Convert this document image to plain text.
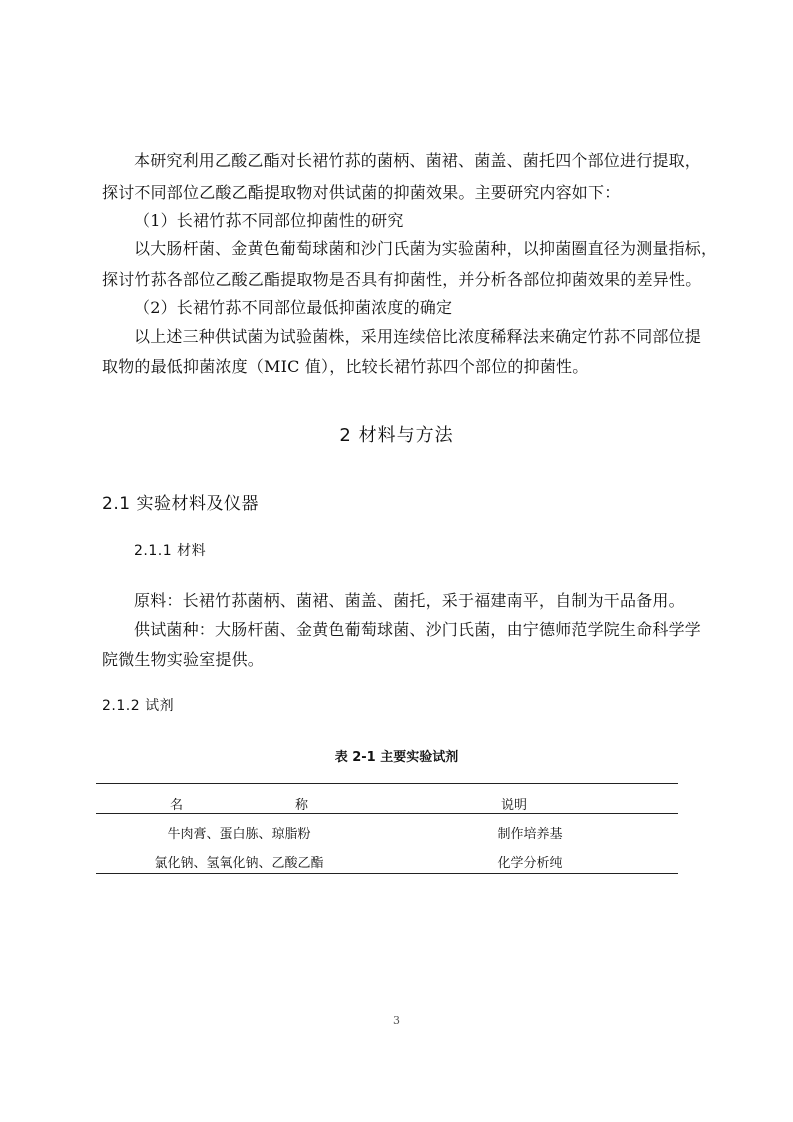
本研究利用乙酸乙酯对长裙竹荪的菌柄、菌裙、菌盖、菌托四个部位进行提取，
探讨不同部位乙酸乙酯提取物对供试菌的抑菌效果。主要研究内容如下：
（1）长裙竹荪不同部位抑菌性的研究
以大肠杆菌、金黄色葡萄球菌和沙门氏菌为实验菌种，以抑菌圈直径为测量指标，
探讨竹荪各部位乙酸乙酯提取物是否具有抑菌性，并分析各部位抑菌效果的差异性。
（2）长裙竹荪不同部位最低抑菌浓度的确定
以上述三种供试菌为试验菌株，采用连续倍比浓度稀释法来确定竹荪不同部位提
取物的最低抑菌浓度（MIC 值），比较长裙竹荪四个部位的抑菌性。
2 材料与方法
2.1 实验材料及仪器
2.1.1 材料
原料：长裙竹荪菌柄、菌裙、菌盖、菌托，采于福建南平，自制为干品备用。
供试菌种：大肠杆菌、金黄色葡萄球菌、沙门氏菌，由宁德师范学院生命科学学
院微生物实验室提供。
2.1.2 试剂
表 2-1 主要实验试剂
名	称	说明
牛肉膏、蛋白胨、琼脂粉	制作培养基
氯化钠、氢氧化钠、乙酸乙酯	化学分析纯
3
